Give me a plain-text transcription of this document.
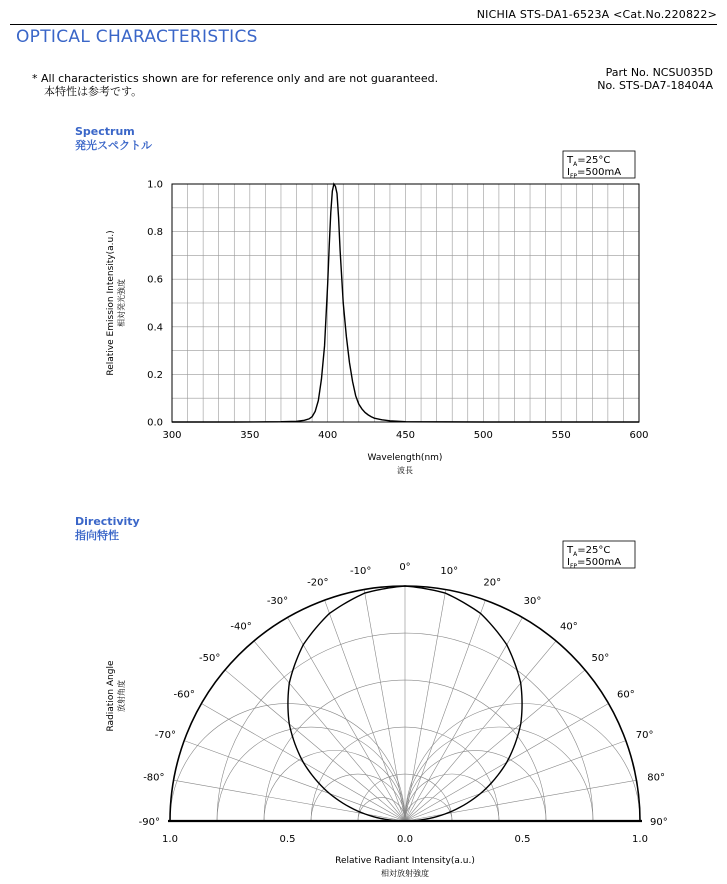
NICHIA STS-DA1-6523A <Cat.No.220822>
OPTICAL CHARACTERISTICS
* All characteristics shown are for reference only and are not guaranteed.
本特性は参考です。
Part No. NCSU035D
No. STS-DA7-18404A
Spectrum
発光スペクトル
Directivity
指向特性
300	350	400	450	500	550	600
0.0
0.2
0.4
0.6
0.8
1.0
Wavelength(nm)
波長
Relative Emission Intensity(a.u.) 相対発光強度
$T_A=25^\circ C$
$I_{FP}=500mA$
-90°
-80°
-70°
-60°
-50°
-40°
-30°
-20°
-10°	0°	10°
20°
30°
40°
50°
60°
70°
80°
90°
1.0	0.5	0.0	0.5	1.0
Relative Radiant Intensity(a.u.)
相対放射強度
Radiation Angle 放射角度
$T_A=25^\circ C$
$I_{FP}=500mA$
